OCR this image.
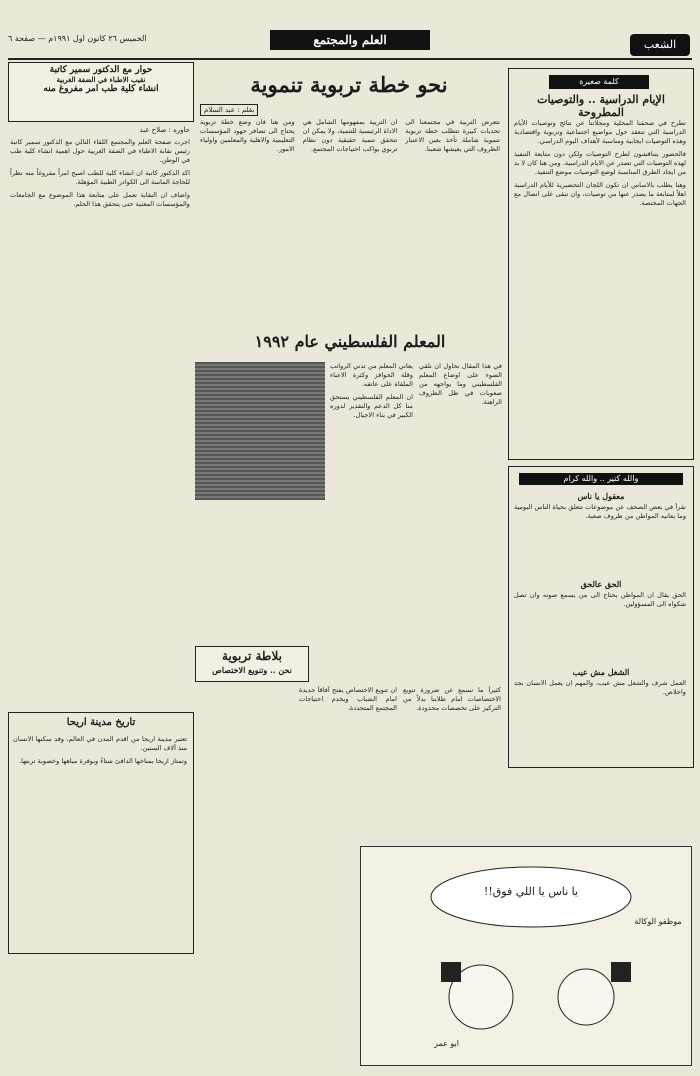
الخميس ٢٦ كانون اول ١٩٩١م — صفحة ٦	العلم والمجتمع	الشعب
كلمة صغيرة
الإيام الدراسية .. والتوصيات المطروحة

تطرح في صحفنا المحلية ومجلاتنا عن نتائج وتوصيات الأيام الدراسية التي تنعقد حول مواضيع اجتماعية وتربوية واقتصادية وهذه التوصيات ايجابية ومناسبة لأهداف اليوم الدراسي.

فالحضور يتناقشون لطرح التوصيات ولكن دون متابعة التنفيذ لهذه التوصيات التي تصدر عن الايام الدراسية. ومن هنا كان لا بد من ايجاد الطرق المناسبة لوضع التوصيات موضع التنفيذ.

وهنا يطلب بالاساس ان تكون اللجان التحضيرية للأيام الدراسية اهلاً لمتابعة ما يصدر عنها من توصيات، وان تبقى على اتصال مع الجهات المختصة.

والله كتير .. والله كرام
معقول يا ناس
نقرأ في بعض الصحف عن موضوعات تتعلق بحياة الناس اليومية وما يعانيه المواطن من ظروف صعبة.
الحق عالحق
الحق يقال ان المواطن يحتاج الى من يسمع صوته وان تصل شكواه الى المسؤولين.
الشغل مش عيب
العمل شرف والشغل مش عيب، والمهم ان يعمل الانسان بجد واخلاص.
نحو خطة تربوية تنموية
بقلم : عبد السلام

تتعرض التربية في مجتمعنا الى تحديات كبيرة تتطلب خطة تربوية تنموية شاملة تأخذ بعين الاعتبار الظروف التي يعيشها شعبنا.

ان التربية بمفهومها الشامل هي الاداة الرئيسية للتنمية، ولا يمكن ان تتحقق تنمية حقيقية دون نظام تربوي يواكب احتياجات المجتمع.

ومن هنا فان وضع خطة تربوية يحتاج الى تضافر جهود المؤسسات التعليمية والاهلية والمعلمين واولياء الامور.

المعلم الفلسطيني عام ١٩٩٢

في هذا المقال نحاول ان نلقي الضوء على اوضاع المعلم الفلسطيني وما يواجهه من صعوبات في ظل الظروف الراهنة.

يعاني المعلم من تدني الرواتب وقلة الحوافز وكثرة الاعباء الملقاة على عاتقه.

ان المعلم الفلسطيني يستحق منا كل الدعم والتقدير لدوره الكبير في بناء الاجيال.

بلاطة تربوية
نحن .. وتنويع الاختصاص

كثيراً ما نسمع عن ضرورة تنويع الاختصاصات امام طلابنا بدلاً من التركيز على تخصصات محدودة.

ان تنويع الاختصاص يفتح آفاقاً جديدة امام الشباب ويخدم احتياجات المجتمع المتجددة.

حوار مع الدكتور سمير كاتبة
نقيب الاطباء في الضفة الغربية
انشاء كلية طب امر مفروغ منه
حاوره : صلاح عبد

اجرت صفحة العلم والمجتمع اللقاء التالي مع الدكتور سمير كاتبة رئيس نقابة الاطباء في الضفة الغربية حول اهمية انشاء كلية طب في الوطن.

اكد الدكتور كاتبة ان انشاء كلية للطب اصبح امراً مفروغاً منه نظراً للحاجة الماسة الى الكوادر الطبية المؤهلة.

واضاف ان النقابة تعمل على متابعة هذا الموضوع مع الجامعات والمؤسسات المعنية حتى يتحقق هذا الحلم.

تاريخ مدينة اريحا

تعتبر مدينة اريحا من اقدم المدن في العالم، وقد سكنها الانسان منذ آلاف السنين.

وتمتاز اريحا بمناخها الدافئ شتاءً وبوفرة مياهها وخصوبة تربتها.

يا ناس يا اللي فوق!!
موظفو الوكالة
ابو عمر
